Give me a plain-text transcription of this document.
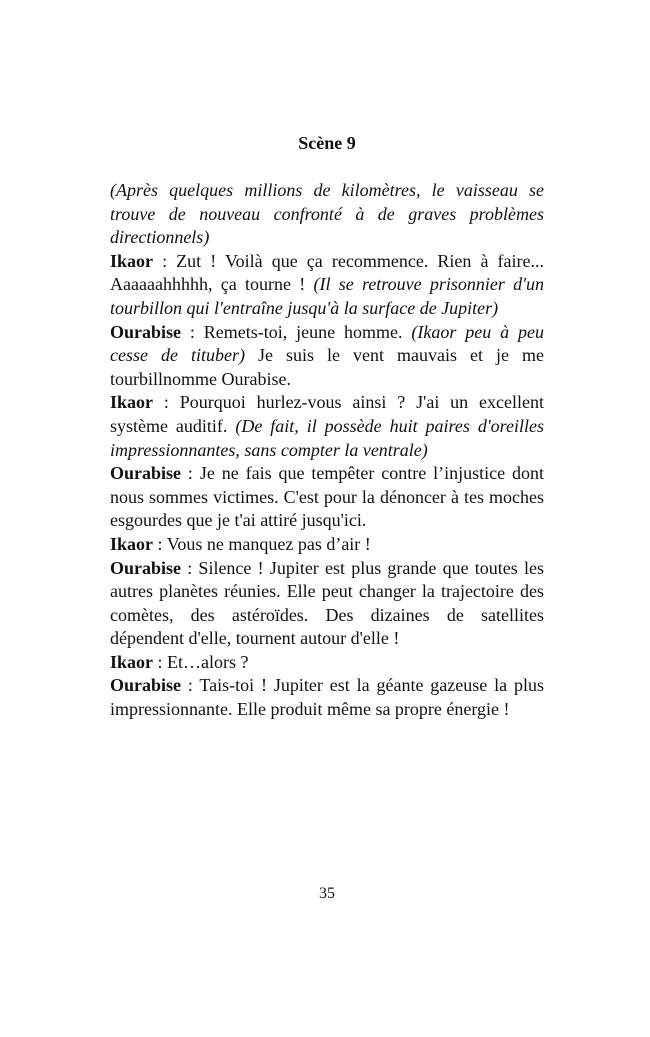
Scène 9

(Après quelques millions de kilomètres, le vaisseau se trouve de nouveau confronté à de graves problèmes directionnels)

Ikaor : Zut ! Voilà que ça recommence. Rien à faire... Aaaaaahhhhh, ça tourne ! (Il se retrouve prisonnier d'un tourbillon qui l'entraîne jusqu'à la surface de Jupiter)

Ourabise : Remets-toi, jeune homme. (Ikaor peu à peu cesse de tituber) Je suis le vent mauvais et je me tourbillnomme Ourabise.

Ikaor : Pourquoi hurlez-vous ainsi ? J'ai un excellent système auditif. (De fait, il possède huit paires d'oreilles impressionnantes, sans compter la ventrale)

Ourabise : Je ne fais que tempêter contre l’injustice dont nous sommes victimes. C'est pour la dénoncer à tes moches esgourdes que je t'ai attiré jusqu'ici.

Ikaor : Vous ne manquez pas d’air !

Ourabise : Silence ! Jupiter est plus grande que toutes les autres planètes réunies. Elle peut changer la trajectoire des comètes, des astéroïdes. Des dizaines de satellites dépendent d'elle, tournent autour d'elle !

Ikaor : Et…alors ?

Ourabise : Tais-toi ! Jupiter est la géante gazeuse la plus impressionnante. Elle produit même sa propre énergie !

35
